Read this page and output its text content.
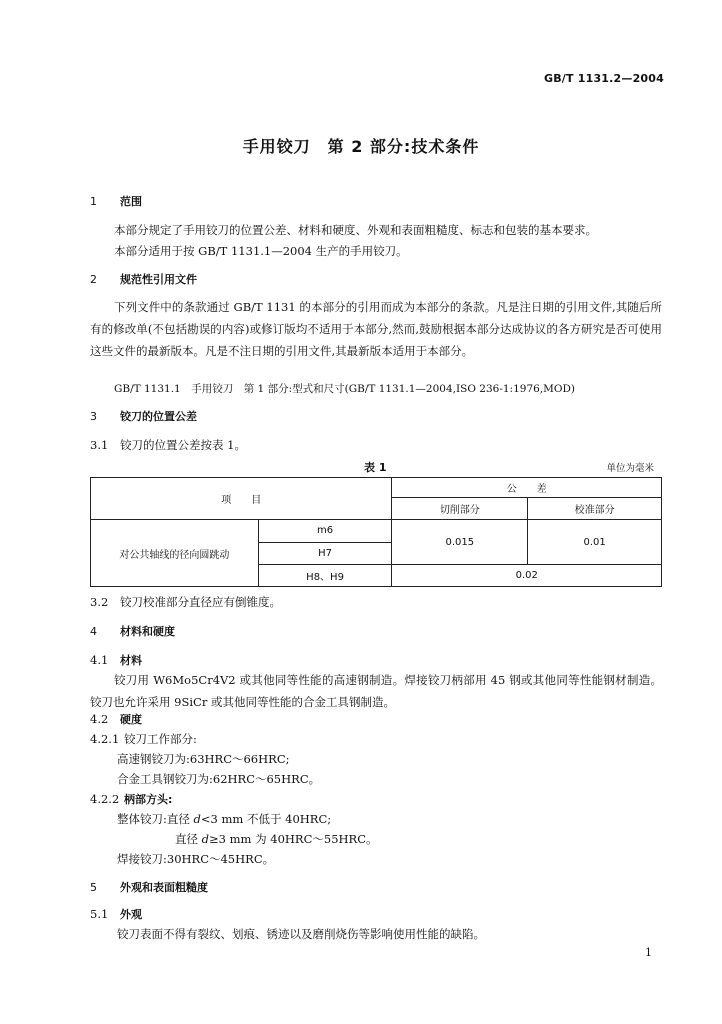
GB/T 1131.2—2004
手用铰刀　第 2 部分:技术条件
1 范围
本部分规定了手用铰刀的位置公差、材料和硬度、外观和表面粗糙度、标志和包装的基本要求。
本部分适用于按 GB/T 1131.1—2004 生产的手用铰刀。
2 规范性引用文件
下列文件中的条款通过 GB/T 1131 的本部分的引用而成为本部分的条款。凡是注日期的引用文件,其随后所有的修改单(不包括勘误的内容)或修订版均不适用于本部分,然而,鼓励根据本部分达成协议的各方研究是否可使用这些文件的最新版本。凡是不注日期的引用文件,其最新版本适用于本部分。
GB/T 1131.1　手用铰刀　第 1 部分:型式和尺寸(GB/T 1131.1—2004,ISO 236-1:1976,MOD)
3 铰刀的位置公差
3.1 铰刀的位置公差按表 1。
表 1	单位为毫米
项　　目		公　　差	
		切削部分	校准部分
对公共轴线的径向圆跳动	m6	0.015	0.01
	H7		
	H8、H9	0.02	
3.2 铰刀校准部分直径应有倒锥度。
4 材料和硬度
4.1 材料
铰刀用 W6Mo5Cr4V2 或其他同等性能的高速钢制造。焊接铰刀柄部用 45 钢或其他同等性能钢材制造。铰刀也允许采用 9SiCr 或其他同等性能的合金工具钢制造。
4.2 硬度
4.2.1 铰刀工作部分:
高速钢铰刀为:63HRC～66HRC;
合金工具钢铰刀为:62HRC～65HRC。
4.2.2 柄部方头:
整体铰刀:直径 d<3 mm 不低于 40HRC;
直径 d≥3 mm 为 40HRC～55HRC。
焊接铰刀:30HRC～45HRC。
5 外观和表面粗糙度
5.1 外观
铰刀表面不得有裂纹、划痕、锈迹以及磨削烧伤等影响使用性能的缺陷。
1
